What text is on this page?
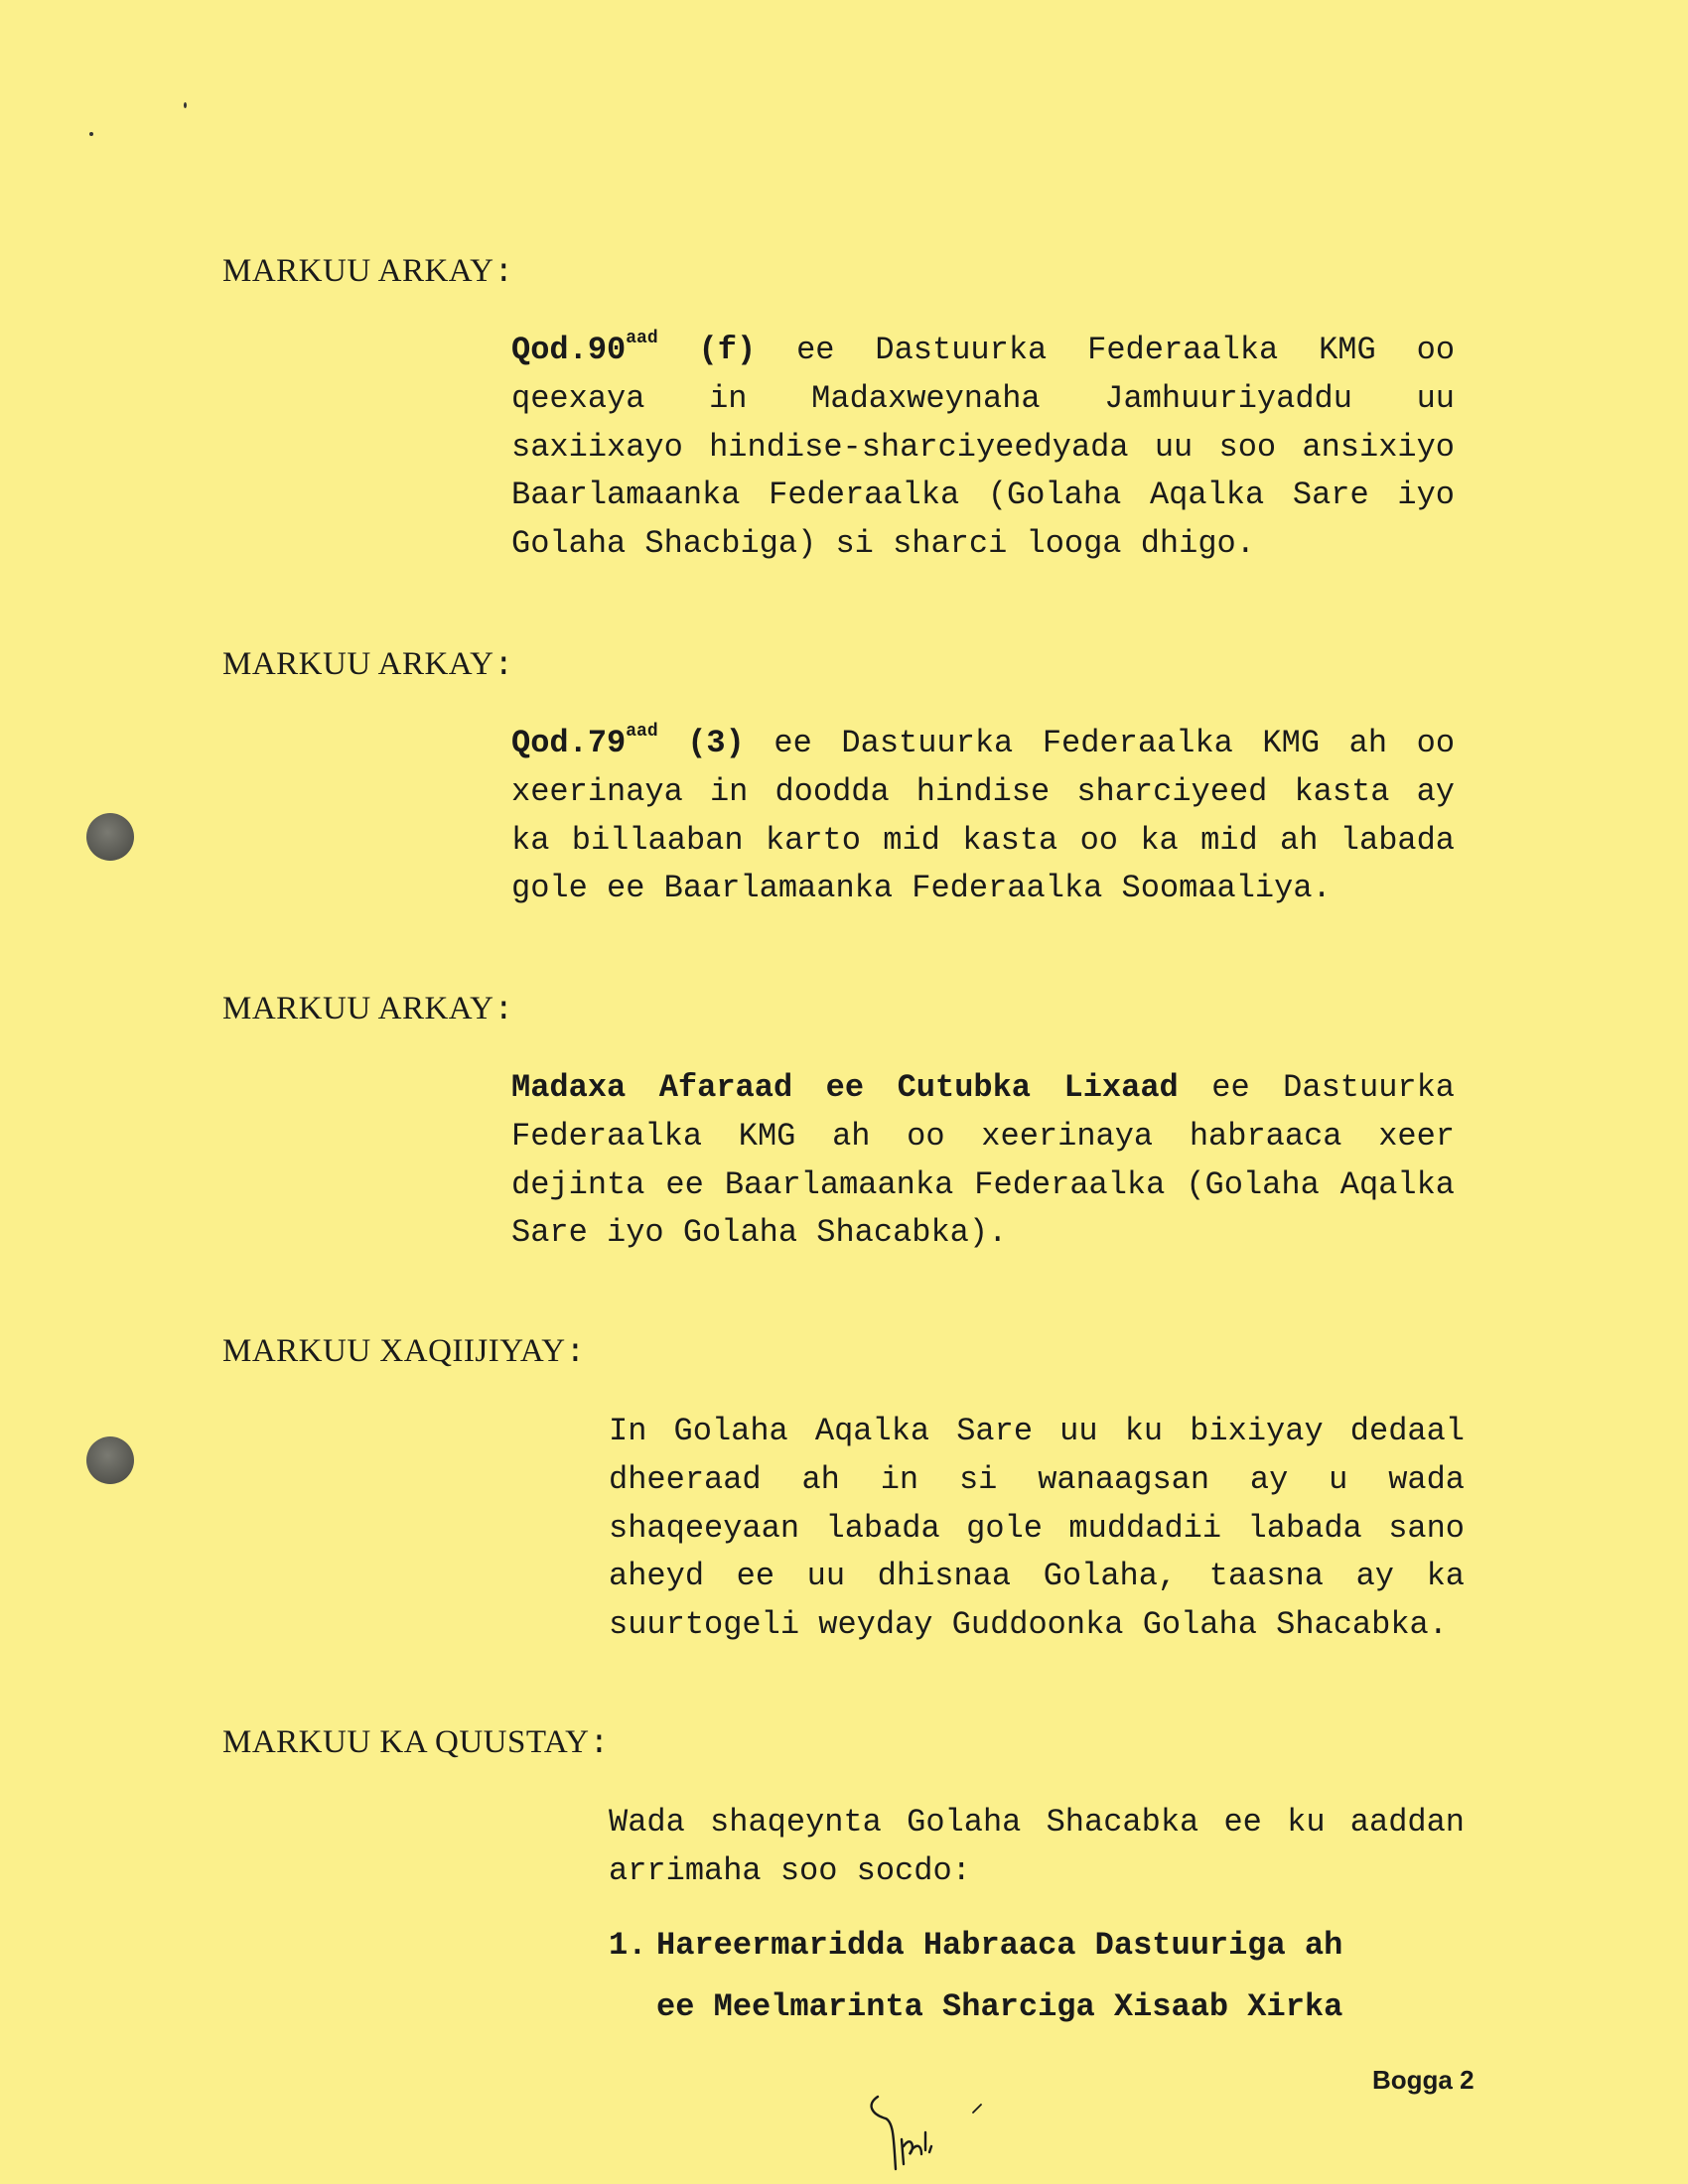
MARKUU ARKAY:
Qod.90$^{aad}$ (f) ee Dastuurka Federaalka KMG oo qeexaya in Madaxweynaha Jamhuuriyaddu uu saxiixayo hindise-sharciyeedyada uu soo ansixiyo Baarlamaanka Federaalka (Golaha Aqalka Sare iyo Golaha Shacbiga) si sharci looga dhigo.
MARKUU ARKAY:
Qod.79$^{aad}$ (3) ee Dastuurka Federaalka KMG ah oo xeerinaya in doodda hindise sharciyeed kasta ay ka billaaban karto mid kasta oo ka mid ah labada gole ee Baarlamaanka Federaalka Soomaaliya.
MARKUU ARKAY:
Madaxa Afaraad ee Cutubka Lixaad ee Dastuurka Federaalka KMG ah oo xeerinaya habraaca xeer dejinta ee Baarlamaanka Federaalka (Golaha Aqalka Sare iyo Golaha Shacabka).
MARKUU XAQIIJIYAY:
In Golaha Aqalka Sare uu ku bixiyay dedaal dheeraad ah in si wanaagsan ay u wada shaqeeyaan labada gole muddadii labada sano aheyd ee uu dhisnaa Golaha, taasna ay ka suurtogeli weyday Guddoonka Golaha Shacabka.
MARKUU KA QUUSTAY:
Wada shaqeynta Golaha Shacabka ee ku aaddan arrimaha soo socdo:
1. Hareermaridda Habraaca Dastuuriga ah
ee Meelmarinta Sharciga Xisaab Xirka
Bogga 2
